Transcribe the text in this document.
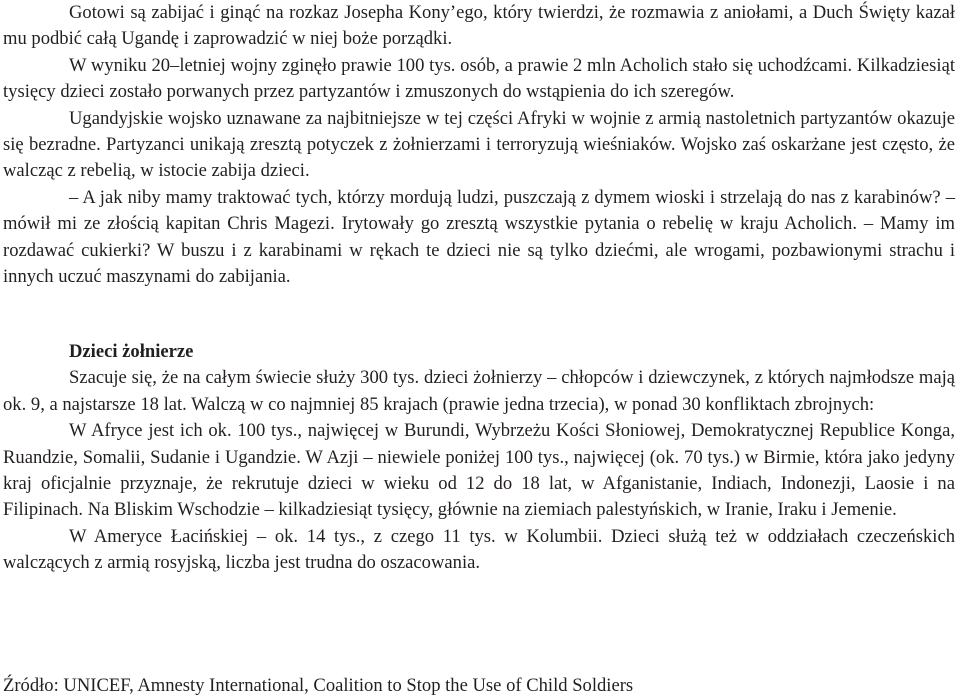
Gotowi są zabijać i ginąć na rozkaz Josepha Kony’ego, który twierdzi, że rozmawia z aniołami, a Duch Święty kazał mu podbić całą Ugandę i zaprowadzić w niej boże porządki.

W wyniku 20–letniej wojny zginęło prawie 100 tys. osób, a prawie 2 mln Acholich stało się uchodźcami. Kilkadziesiąt tysięcy dzieci zostało porwanych przez partyzantów i zmuszonych do wstąpienia do ich szeregów.

Ugandyjskie wojsko uznawane za najbitniejsze w tej części Afryki w wojnie z armią nastoletnich partyzantów okazuje się bezradne. Partyzanci unikają zresztą potyczek z żołnierzami i terroryzują wieśniaków. Wojsko zaś oskarżane jest często, że walcząc z rebelią, w istocie zabija dzieci.

– A jak niby mamy traktować tych, którzy mordują ludzi, puszczają z dymem wioski i strzelają do nas z karabinów? – mówił mi ze złością kapitan Chris Magezi. Irytowały go zresztą wszystkie pytania o rebelię w kraju Acholich. – Mamy im rozdawać cukierki? W buszu i z karabinami w rękach te dzieci nie są tylko dziećmi, ale wrogami, pozbawionymi strachu i innych uczuć maszynami do zabijania.

Dzieci żołnierze

Szacuje się, że na całym świecie służy 300 tys. dzieci żołnierzy – chłopców i dziewczynek, z których najmłodsze mają ok. 9, a najstarsze 18 lat. Walczą w co najmniej 85 krajach (prawie jedna trzecia), w ponad 30 konfliktach zbrojnych:

W Afryce jest ich ok. 100 tys., najwięcej w Burundi, Wybrzeżu Kości Słoniowej, Demokratycznej Republice Konga, Ruandzie, Somalii, Sudanie i Ugandzie. W Azji – niewiele poniżej 100 tys., najwięcej (ok. 70 tys.) w Birmie, która jako jedyny kraj oficjalnie przyznaje, że rekrutuje dzieci w wieku od 12 do 18 lat, w Afganistanie, Indiach, Indonezji, Laosie i na Filipinach. Na Bliskim Wschodzie – kilkadziesiąt tysięcy, głównie na ziemiach palestyńskich, w Iranie, Iraku i Jemenie.

W Ameryce Łacińskiej – ok. 14 tys., z czego 11 tys. w Kolumbii. Dzieci służą też w oddziałach czeczeńskich walczących z armią rosyjską, liczba jest trudna do oszacowania.

Źródło: UNICEF, Amnesty International, Coalition to Stop the Use of Child Soldiers
